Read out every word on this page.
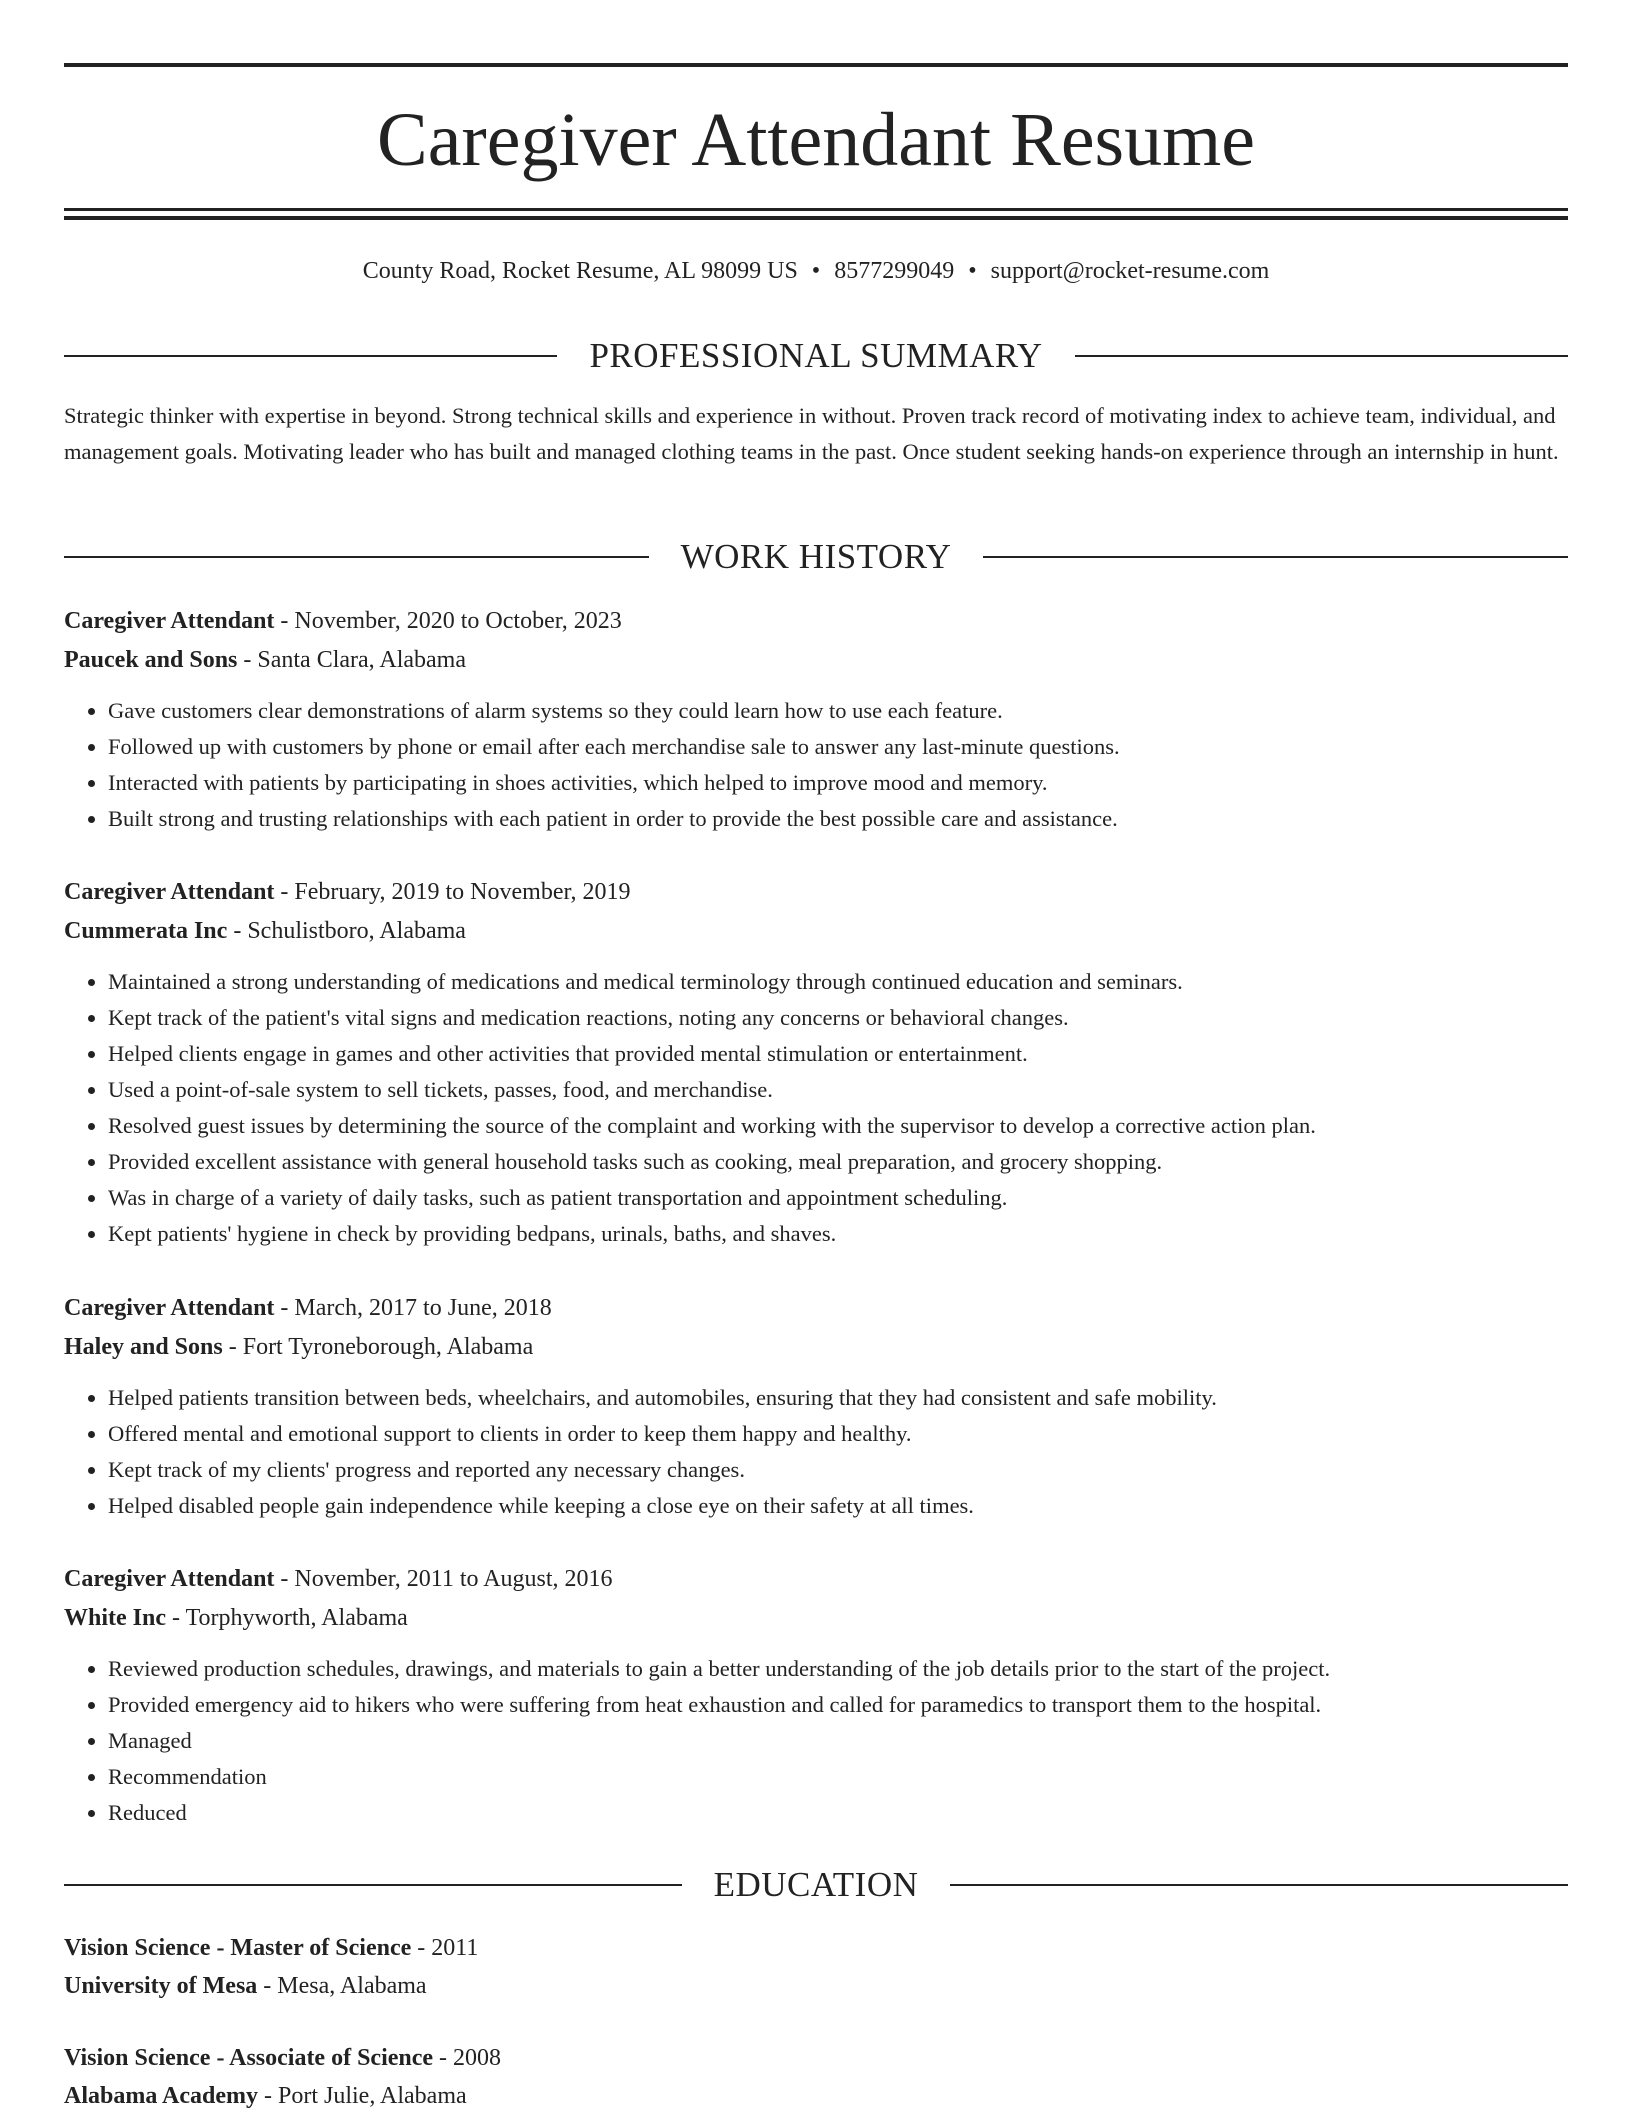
Caregiver Attendant Resume
County Road, Rocket Resume, AL 98099 US • 8577299049 • support@rocket-resume.com
PROFESSIONAL SUMMARY

Strategic thinker with expertise in beyond. Strong technical skills and experience in without. Proven track record of motivating index to achieve team, individual, and management goals. Motivating leader who has built and managed clothing teams in the past. Once student seeking hands-on experience through an internship in hunt.

WORK HISTORY
Caregiver Attendant - November, 2020 to October, 2023
Paucek and Sons - Santa Clara, Alabama
• Gave customers clear demonstrations of alarm systems so they could learn how to use each feature.
• Followed up with customers by phone or email after each merchandise sale to answer any last-minute questions.
• Interacted with patients by participating in shoes activities, which helped to improve mood and memory.
• Built strong and trusting relationships with each patient in order to provide the best possible care and assistance.
Caregiver Attendant - February, 2019 to November, 2019
Cummerata Inc - Schulistboro, Alabama
• Maintained a strong understanding of medications and medical terminology through continued education and seminars.
• Kept track of the patient's vital signs and medication reactions, noting any concerns or behavioral changes.
• Helped clients engage in games and other activities that provided mental stimulation or entertainment.
• Used a point-of-sale system to sell tickets, passes, food, and merchandise.
• Resolved guest issues by determining the source of the complaint and working with the supervisor to develop a corrective action plan.
• Provided excellent assistance with general household tasks such as cooking, meal preparation, and grocery shopping.
• Was in charge of a variety of daily tasks, such as patient transportation and appointment scheduling.
• Kept patients' hygiene in check by providing bedpans, urinals, baths, and shaves.
Caregiver Attendant - March, 2017 to June, 2018
Haley and Sons - Fort Tyroneborough, Alabama
• Helped patients transition between beds, wheelchairs, and automobiles, ensuring that they had consistent and safe mobility.
• Offered mental and emotional support to clients in order to keep them happy and healthy.
• Kept track of my clients' progress and reported any necessary changes.
• Helped disabled people gain independence while keeping a close eye on their safety at all times.
Caregiver Attendant - November, 2011 to August, 2016
White Inc - Torphyworth, Alabama
• Reviewed production schedules, drawings, and materials to gain a better understanding of the job details prior to the start of the project.
• Provided emergency aid to hikers who were suffering from heat exhaustion and called for paramedics to transport them to the hospital.
• Managed
• Recommendation
• Reduced
EDUCATION
Vision Science - Master of Science - 2011
University of Mesa - Mesa, Alabama
Vision Science - Associate of Science - 2008
Alabama Academy - Port Julie, Alabama
